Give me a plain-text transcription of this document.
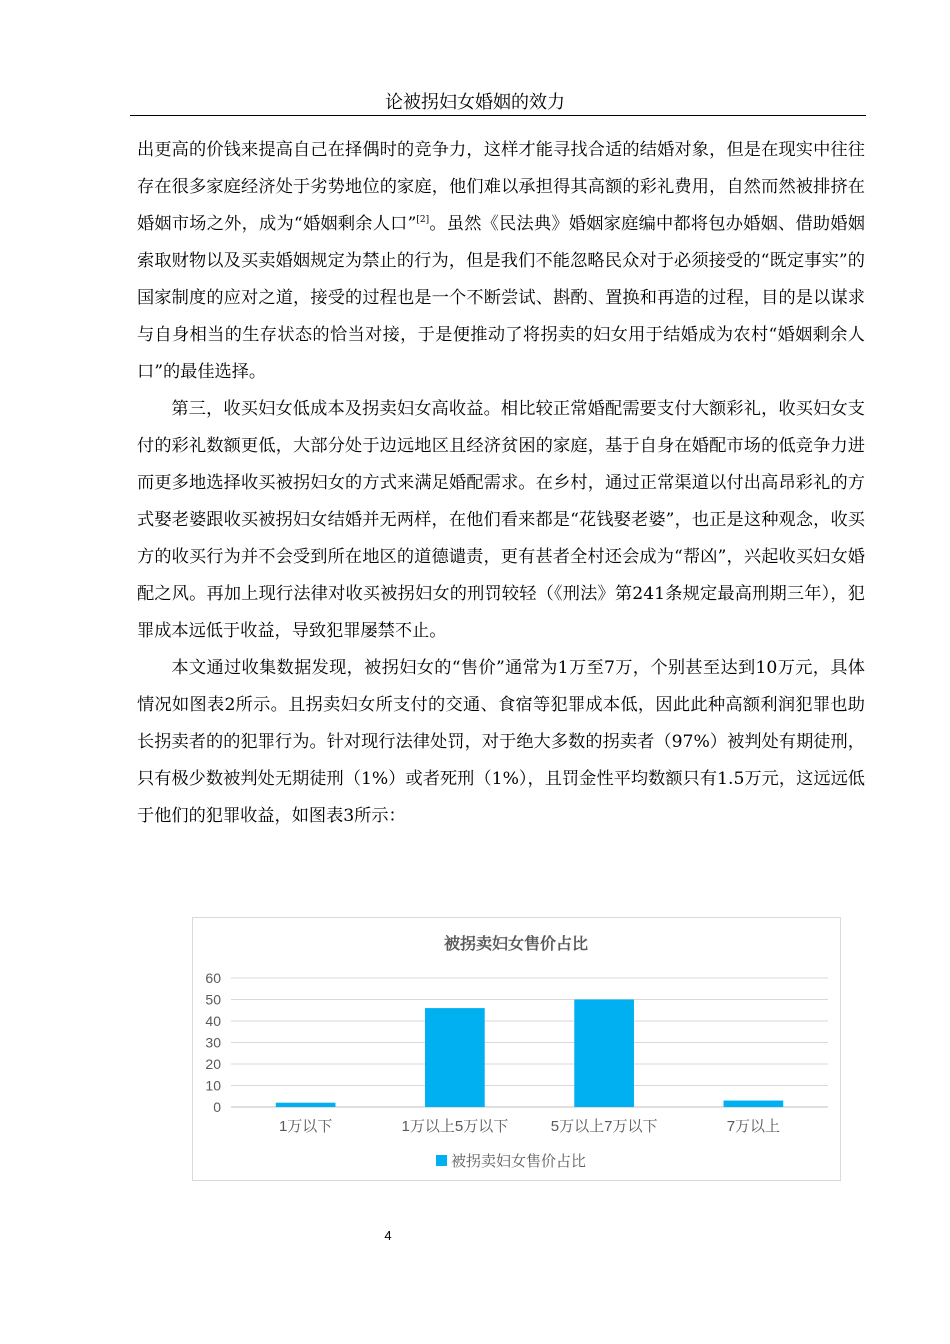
论被拐妇女婚姻的效力

出更高的价钱来提高自己在择偶时的竞争力，这样才能寻找合适的结婚对象，但是在现实中往往存在很多家庭经济处于劣势地位的家庭，他们难以承担得其高额的彩礼费用，自然而然被排挤在婚姻市场之外，成为“婚姻剩余人口”[2]。虽然《民法典》婚姻家庭编中都将包办婚姻、借助婚姻索取财物以及买卖婚姻规定为禁止的行为，但是我们不能忽略民众对于必须接受的“既定事实”的国家制度的应对之道，接受的过程也是一个不断尝试、斟酌、置换和再造的过程，目的是以谋求与自身相当的生存状态的恰当对接，于是便推动了将拐卖的妇女用于结婚成为农村“婚姻剩余人口”的最佳选择。

第三，收买妇女低成本及拐卖妇女高收益。相比较正常婚配需要支付大额彩礼，收买妇女支付的彩礼数额更低，大部分处于边远地区且经济贫困的家庭，基于自身在婚配市场的低竞争力进而更多地选择收买被拐妇女的方式来满足婚配需求。在乡村，通过正常渠道以付出高昂彩礼的方式娶老婆跟收买被拐妇女结婚并无两样，在他们看来都是“花钱娶老婆”，也正是这种观念，收买方的收买行为并不会受到所在地区的道德谴责，更有甚者全村还会成为“帮凶”，兴起收买妇女婚配之风。再加上现行法律对收买被拐妇女的刑罚较轻（《刑法》第241条规定最高刑期三年），犯罪成本远低于收益，导致犯罪屡禁不止。

本文通过收集数据发现，被拐妇女的“售价”通常为1万至7万，个别甚至达到10万元，具体情况如图表2所示。且拐卖妇女所支付的交通、食宿等犯罪成本低，因此此种高额利润犯罪也助长拐卖者的的犯罪行为。针对现行法律处罚，对于绝大多数的拐卖者（97%）被判处有期徒刑，只有极少数被判处无期徒刑（1%）或者死刑（1%），且罚金性平均数额只有1.5万元，这远远低于他们的犯罪收益，如图表3所示：

被拐卖妇女售价占比
0
10
20
30
40
50
60
1万以下	1万以上5万以下	5万以上7万以下	7万以上
被拐卖妇女售价占比
4
